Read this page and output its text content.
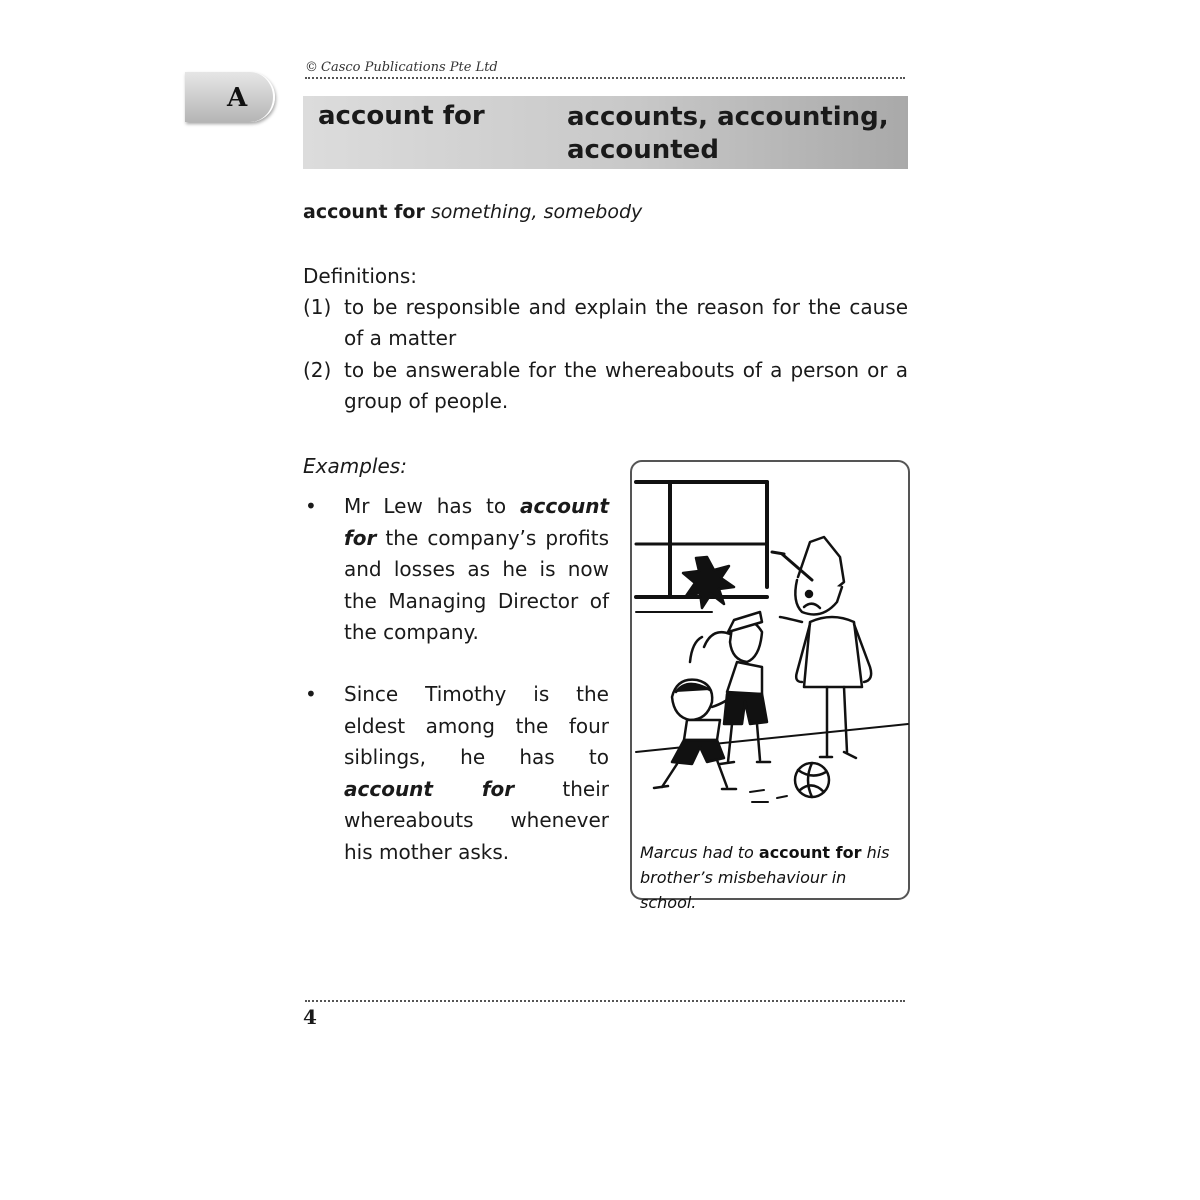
© Casco Publications Pte Ltd
A
account for	accounts, accounting, accounted
account for something, somebody
Definitions:
(1) to be responsible and explain the reason for the cause of a matter
(2) to be answerable for the whereabouts of a person or a group of people.
Examples:
• Mr Lew has to account for the company’s profits and losses as he is now the Managing Director of the company.
• Since Timothy is the eldest among the four siblings, he has to account for their whereabouts whenever his mother asks.	Marcus had to account for his brother’s misbehaviour in school.
4
